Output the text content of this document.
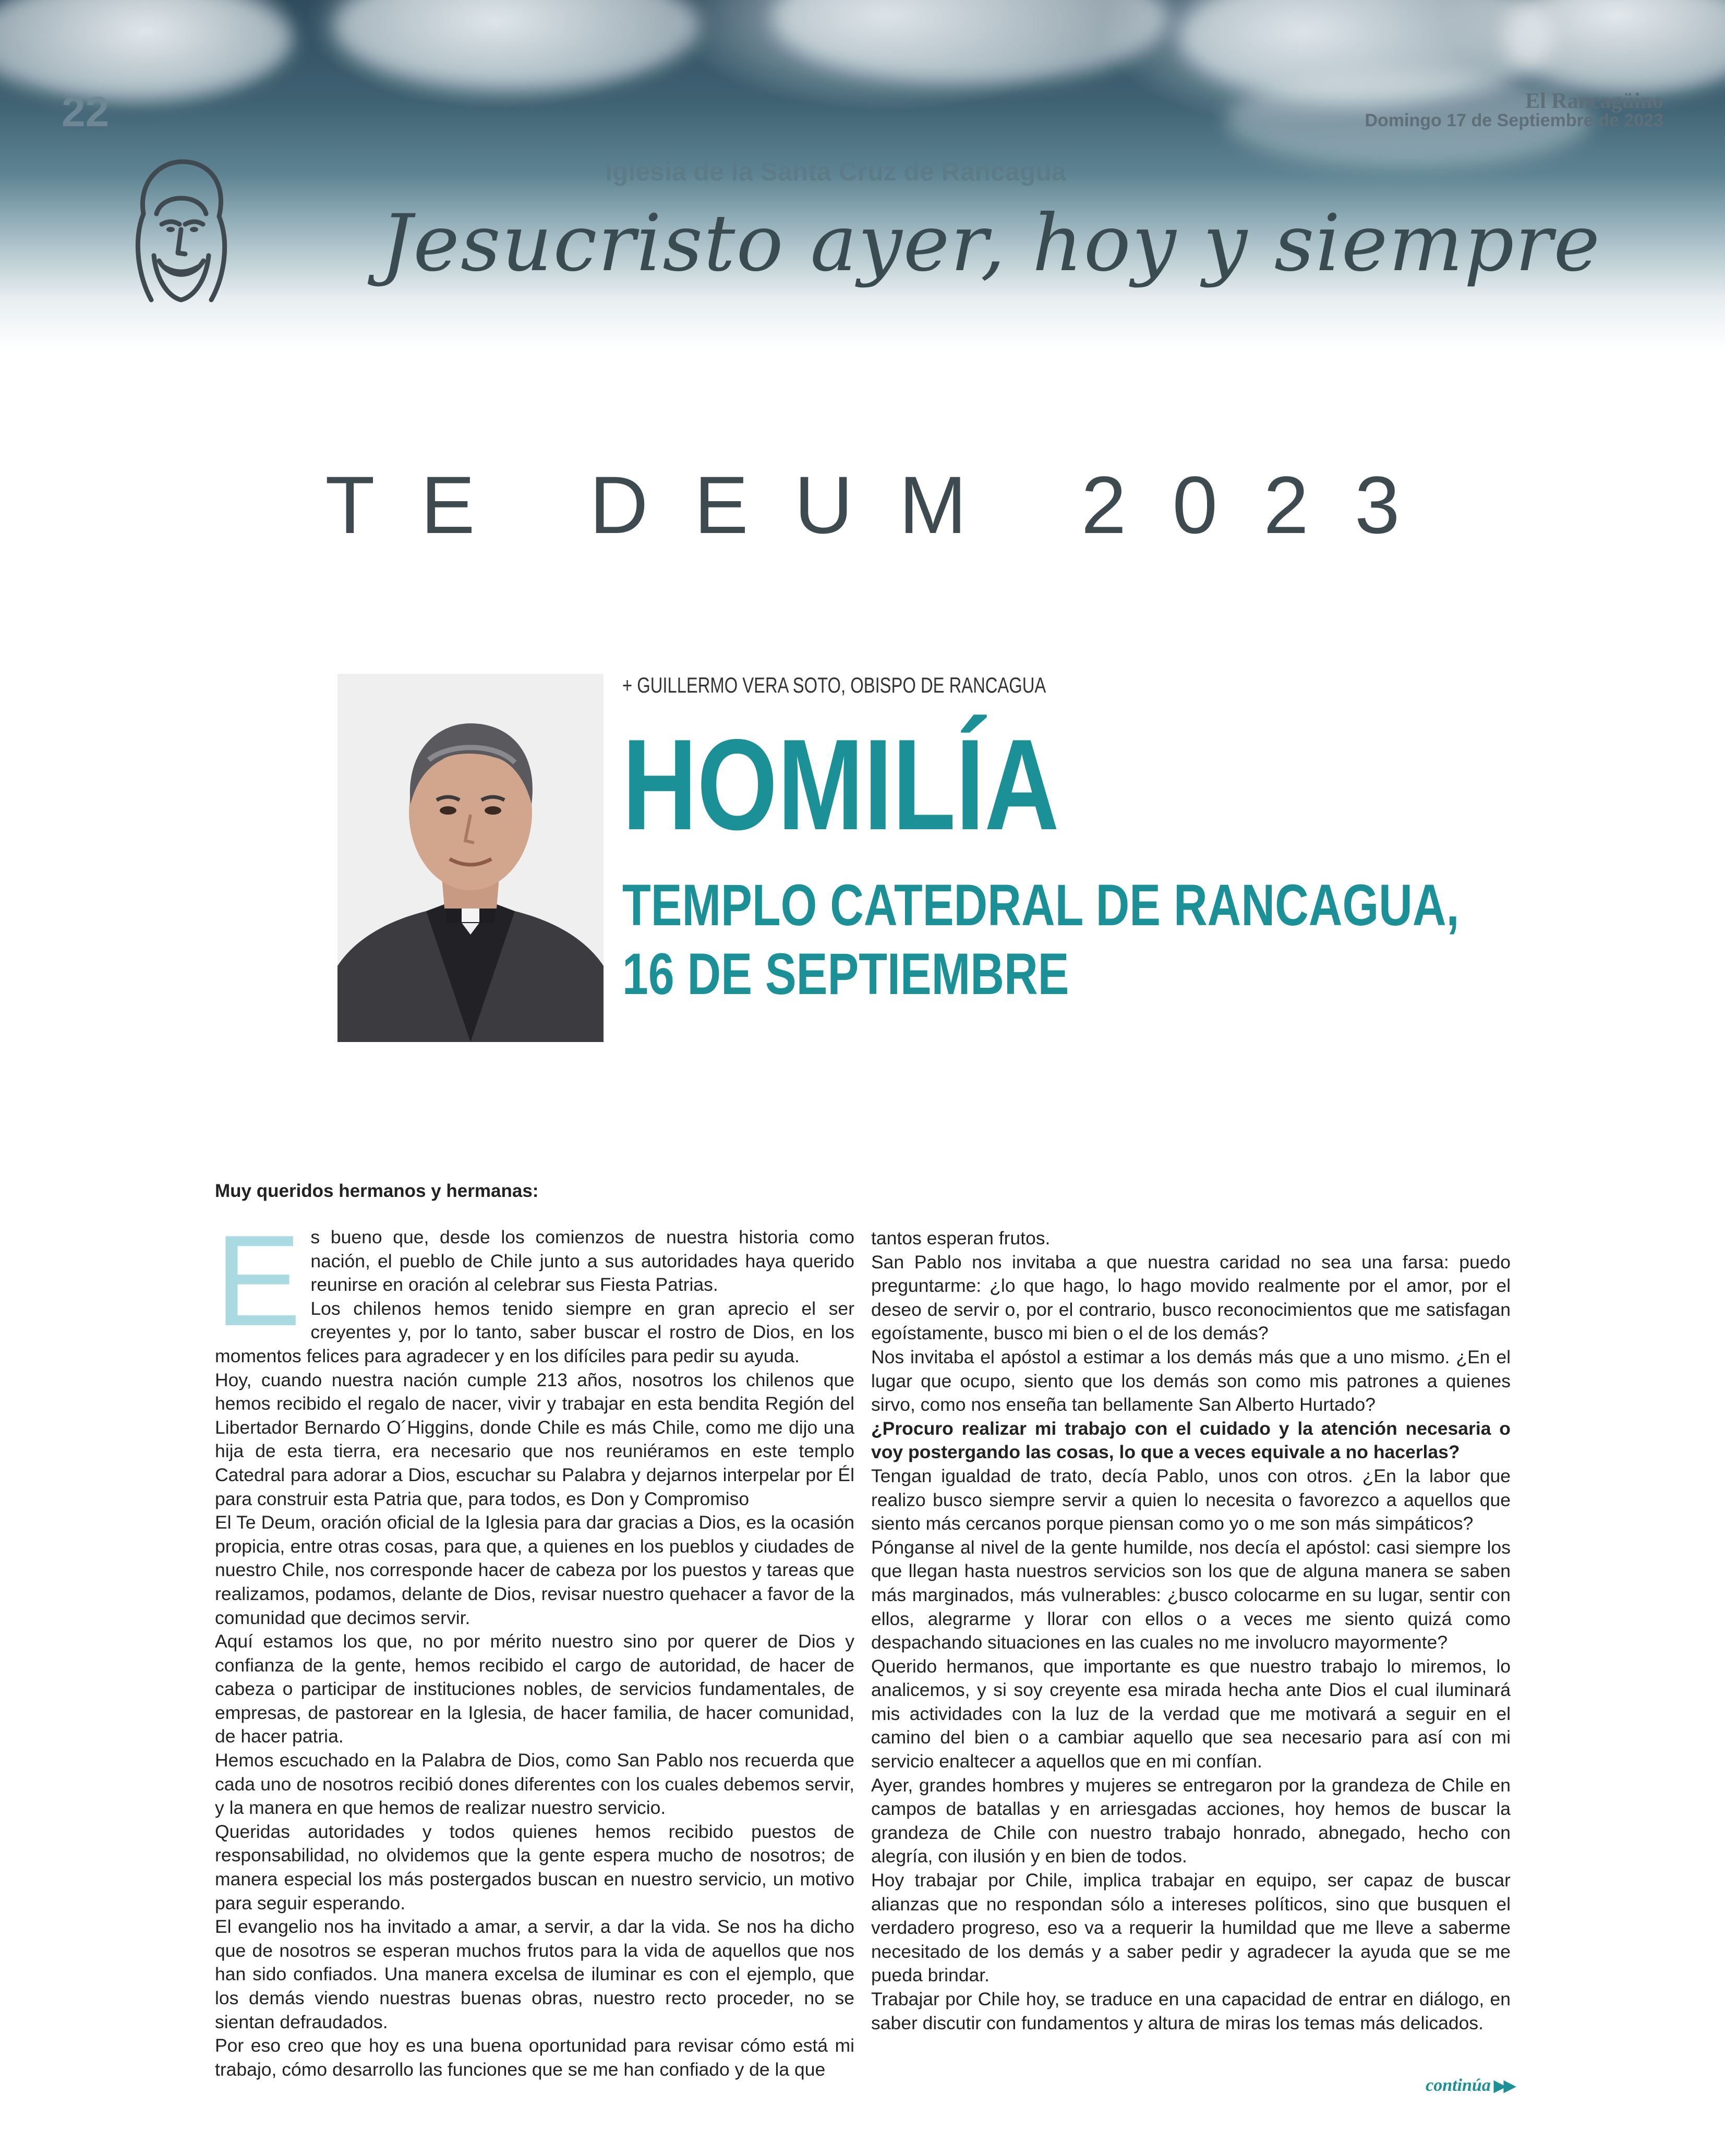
22	El Rancagüino
Domingo 17 de Septiembre de 2023
Iglesia de la Santa Cruz de Rancagua
Jesucristo ayer, hoy y siempre
TE DEUM 2023
+ GUILLERMO VERA SOTO, OBISPO DE RANCAGUA
HOMILÍA
TEMPLO CATEDRAL DE RANCAGUA,
16 DE SEPTIEMBRE
Muy queridos hermanos y hermanas:
E s bueno que, desde los comienzos de nuestra historia como nación, el pueblo de Chile junto a sus autoridades haya querido reunirse en oración al celebrar sus Fiesta Patrias.

Los chilenos hemos tenido siempre en gran aprecio el ser creyentes y, por lo tanto, saber buscar el rostro de Dios, en los momentos felices para agradecer y en los difíciles para pedir su ayuda.

Hoy, cuando nuestra nación cumple 213 años, nosotros los chilenos que hemos recibido el regalo de nacer, vivir y trabajar en esta bendita Región del Libertador Bernardo O´Higgins, donde Chile es más Chile, como me dijo una hija de esta tierra, era necesario que nos reuniéramos en este templo Catedral para adorar a Dios, escuchar su Palabra y dejarnos interpelar por Él para construir esta Patria que, para todos, es Don y Compromiso

El Te Deum, oración oficial de la Iglesia para dar gracias a Dios, es la ocasión propicia, entre otras cosas, para que, a quienes en los pueblos y ciudades de nuestro Chile, nos corresponde hacer de cabeza por los puestos y tareas que realizamos, podamos, delante de Dios, revisar nuestro quehacer a favor de la comunidad que decimos servir.

Aquí estamos los que, no por mérito nuestro sino por querer de Dios y confianza de la gente, hemos recibido el cargo de autoridad, de hacer de cabeza o participar de instituciones nobles, de servicios fundamentales, de empresas, de pastorear en la Iglesia, de hacer familia, de hacer comunidad, de hacer patria.

Hemos escuchado en la Palabra de Dios, como San Pablo nos recuerda que cada uno de nosotros recibió dones diferentes con los cuales debemos servir, y la manera en que hemos de realizar nuestro servicio.

Queridas autoridades y todos quienes hemos recibido puestos de responsabilidad, no olvidemos que la gente espera mucho de nosotros; de manera especial los más postergados buscan en nuestro servicio, un motivo para seguir esperando.

El evangelio nos ha invitado a amar, a servir, a dar la vida. Se nos ha dicho que de nosotros se esperan muchos frutos para la vida de aquellos que nos han sido confiados. Una manera excelsa de iluminar es con el ejemplo, que los demás viendo nuestras buenas obras, nuestro recto proceder, no se sientan defraudados.

Por eso creo que hoy es una buena oportunidad para revisar cómo está mi trabajo, cómo desarrollo las funciones que se me han confiado y de la que

tantos esperan frutos.

San Pablo nos invitaba a que nuestra caridad no sea una farsa: puedo preguntarme: ¿lo que hago, lo hago movido realmente por el amor, por el deseo de servir o, por el contrario, busco reconocimientos que me satisfagan egoístamente, busco mi bien o el de los demás?

Nos invitaba el apóstol a estimar a los demás más que a uno mismo. ¿En el lugar que ocupo, siento que los demás son como mis patrones a quienes sirvo, como nos enseña tan bellamente San Alberto Hurtado?

¿Procuro realizar mi trabajo con el cuidado y la atención necesaria o voy postergando las cosas, lo que a veces equivale a no hacerlas?

Tengan igualdad de trato, decía Pablo, unos con otros. ¿En la labor que realizo busco siempre servir a quien lo necesita o favorezco a aquellos que siento más cercanos porque piensan como yo o me son más simpáticos?

Pónganse al nivel de la gente humilde, nos decía el apóstol: casi siempre los que llegan hasta nuestros servicios son los que de alguna manera se saben más marginados, más vulnerables: ¿busco colocarme en su lugar, sentir con ellos, alegrarme y llorar con ellos o a veces me siento quizá como despachando situaciones en las cuales no me involucro mayormente?

Querido hermanos, que importante es que nuestro trabajo lo miremos, lo analicemos, y si soy creyente esa mirada hecha ante Dios el cual iluminará mis actividades con la luz de la verdad que me motivará a seguir en el camino del bien o a cambiar aquello que sea necesario para así con mi servicio enaltecer a aquellos que en mi confían.

Ayer, grandes hombres y mujeres se entregaron por la grandeza de Chile en campos de batallas y en arriesgadas acciones, hoy hemos de buscar la grandeza de Chile con nuestro trabajo honrado, abnegado, hecho con alegría, con ilusión y en bien de todos.

Hoy trabajar por Chile, implica trabajar en equipo, ser capaz de buscar alianzas que no respondan sólo a intereses políticos, sino que busquen el verdadero progreso, eso va a requerir la humildad que me lleve a saberme necesitado de los demás y a saber pedir y agradecer la ayuda que se me pueda brindar.

Trabajar por Chile hoy, se traduce en una capacidad de entrar en diálogo, en saber discutir con fundamentos y altura de miras los temas más delicados.

continúa ▶▶
